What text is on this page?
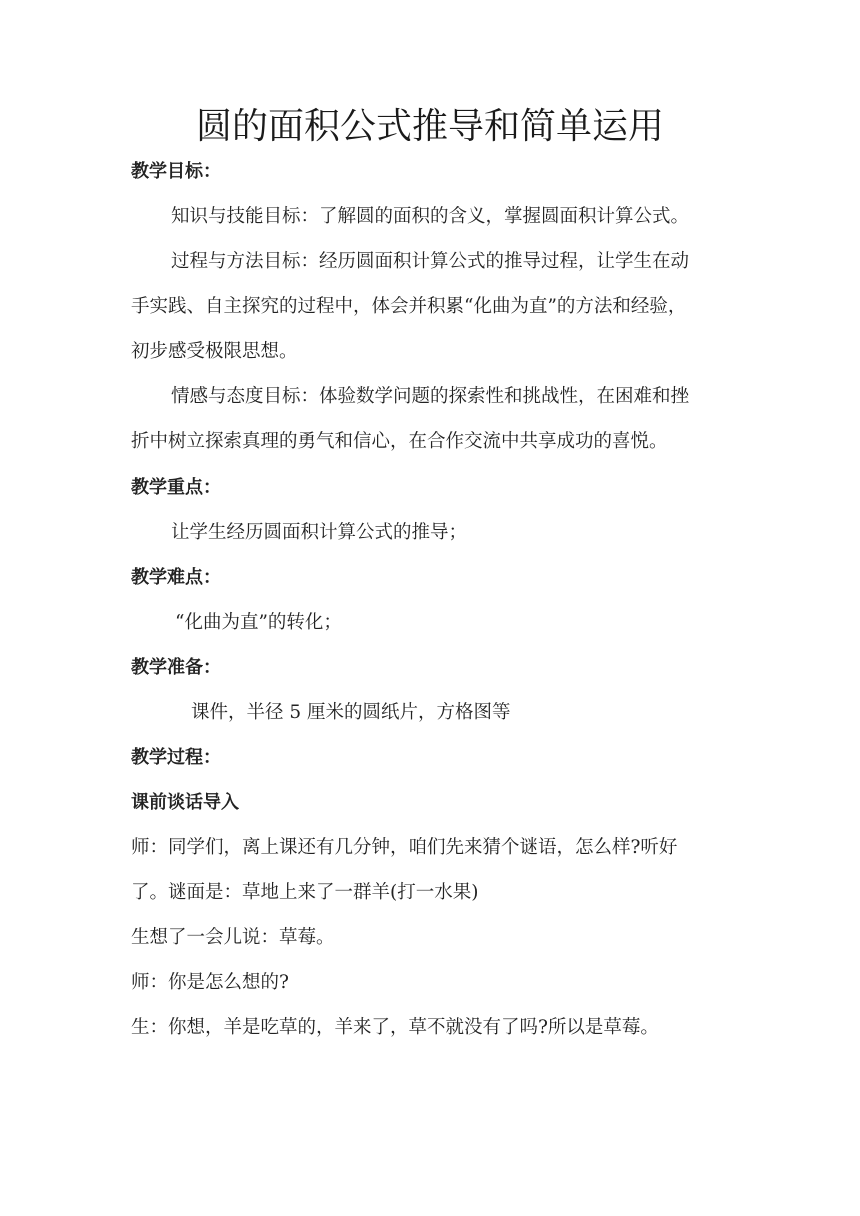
圆的面积公式推导和简单运用
教学目标：
知识与技能目标：了解圆的面积的含义，掌握圆面积计算公式。
过程与方法目标：经历圆面积计算公式的推导过程，让学生在动
手实践、自主探究的过程中，体会并积累“化曲为直”的方法和经验，
初步感受极限思想。
情感与态度目标：体验数学问题的探索性和挑战性，在困难和挫
折中树立探索真理的勇气和信心，在合作交流中共享成功的喜悦。
教学重点：
让学生经历圆面积计算公式的推导；
教学难点：
“化曲为直”的转化；
教学准备：
课件，半径 5 厘米的圆纸片，方格图等
教学过程：
课前谈话导入
师：同学们，离上课还有几分钟，咱们先来猜个谜语，怎么样?听好
了。谜面是：草地上来了一群羊(打一水果)
生想了一会儿说：草莓。
师：你是怎么想的?
生：你想，羊是吃草的，羊来了，草不就没有了吗?所以是草莓。
